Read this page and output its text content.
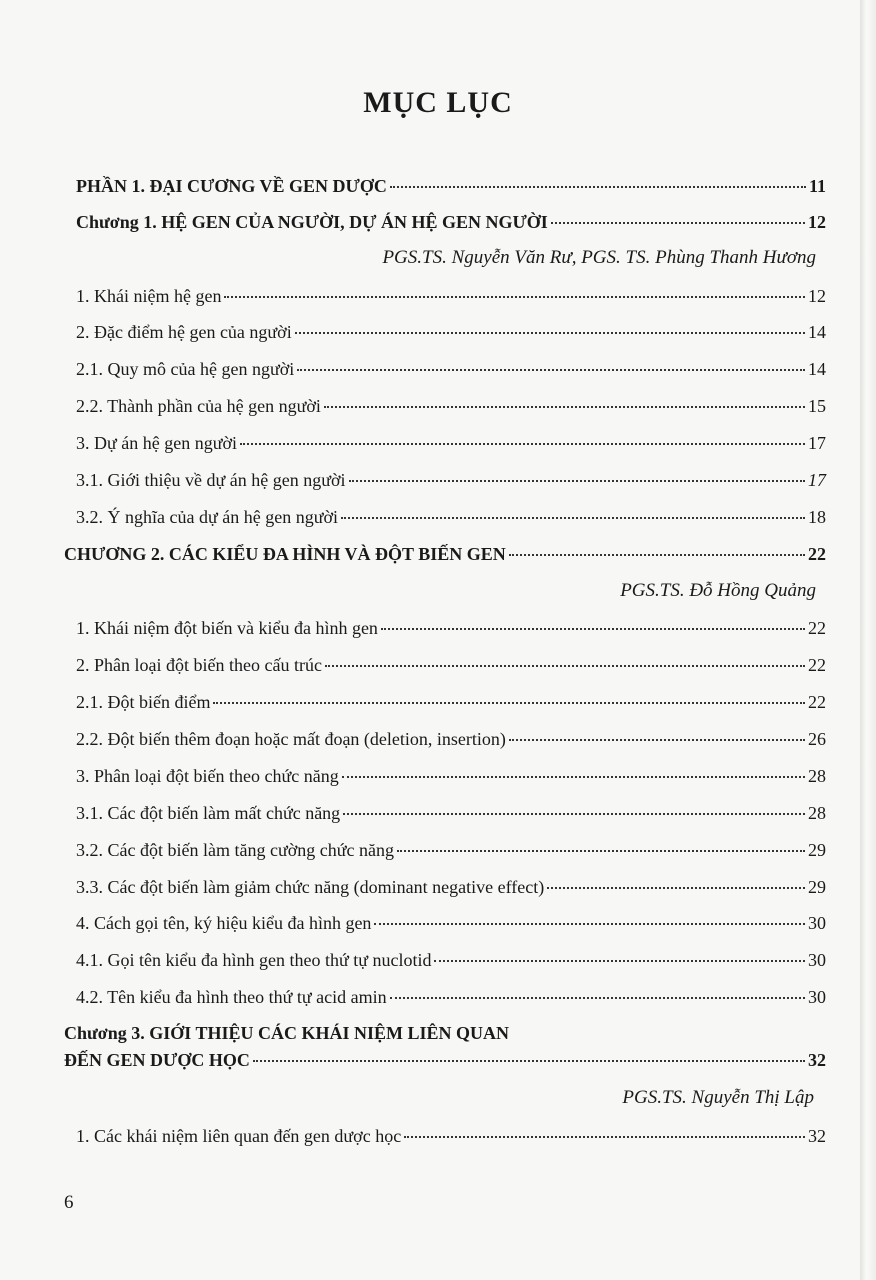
MỤC LỤC
PHẦN 1. ĐẠI CƯƠNG VỀ GEN DƯỢC	11
Chương 1. HỆ GEN CỦA NGƯỜI, DỰ ÁN HỆ GEN NGƯỜI	12
PGS.TS. Nguyễn Văn Rư, PGS. TS. Phùng Thanh Hương
1. Khái niệm hệ gen	12
2. Đặc điểm hệ gen của người	14
2.1. Quy mô của hệ gen người	14
2.2. Thành phần của hệ gen người	15
3. Dự án hệ gen người	17
3.1. Giới thiệu về dự án hệ gen người	17
3.2. Ý nghĩa của dự án hệ gen người	18
CHƯƠNG 2. CÁC KIỂU ĐA HÌNH VÀ ĐỘT BIẾN GEN	22
PGS.TS. Đỗ Hồng Quảng
1. Khái niệm đột biến và kiểu đa hình gen	22
2. Phân loại đột biến theo cấu trúc	22
2.1. Đột biến điểm	22
2.2. Đột biến thêm đoạn hoặc mất đoạn (deletion, insertion)	26
3. Phân loại đột biến theo chức năng	28
3.1. Các đột biến làm mất chức năng	28
3.2. Các đột biến làm tăng cường chức năng	29
3.3. Các đột biến làm giảm chức năng (dominant negative effect)	29
4. Cách gọi tên, ký hiệu kiểu đa hình gen	30
4.1. Gọi tên kiểu đa hình gen theo thứ tự nuclotid	30
4.2. Tên kiểu đa hình theo thứ tự acid amin	30
Chương 3. GIỚI THIỆU CÁC KHÁI NIỆM LIÊN QUAN
ĐẾN GEN DƯỢC HỌC	32
PGS.TS. Nguyễn Thị Lập
1. Các khái niệm liên quan đến gen dược học	32
6
